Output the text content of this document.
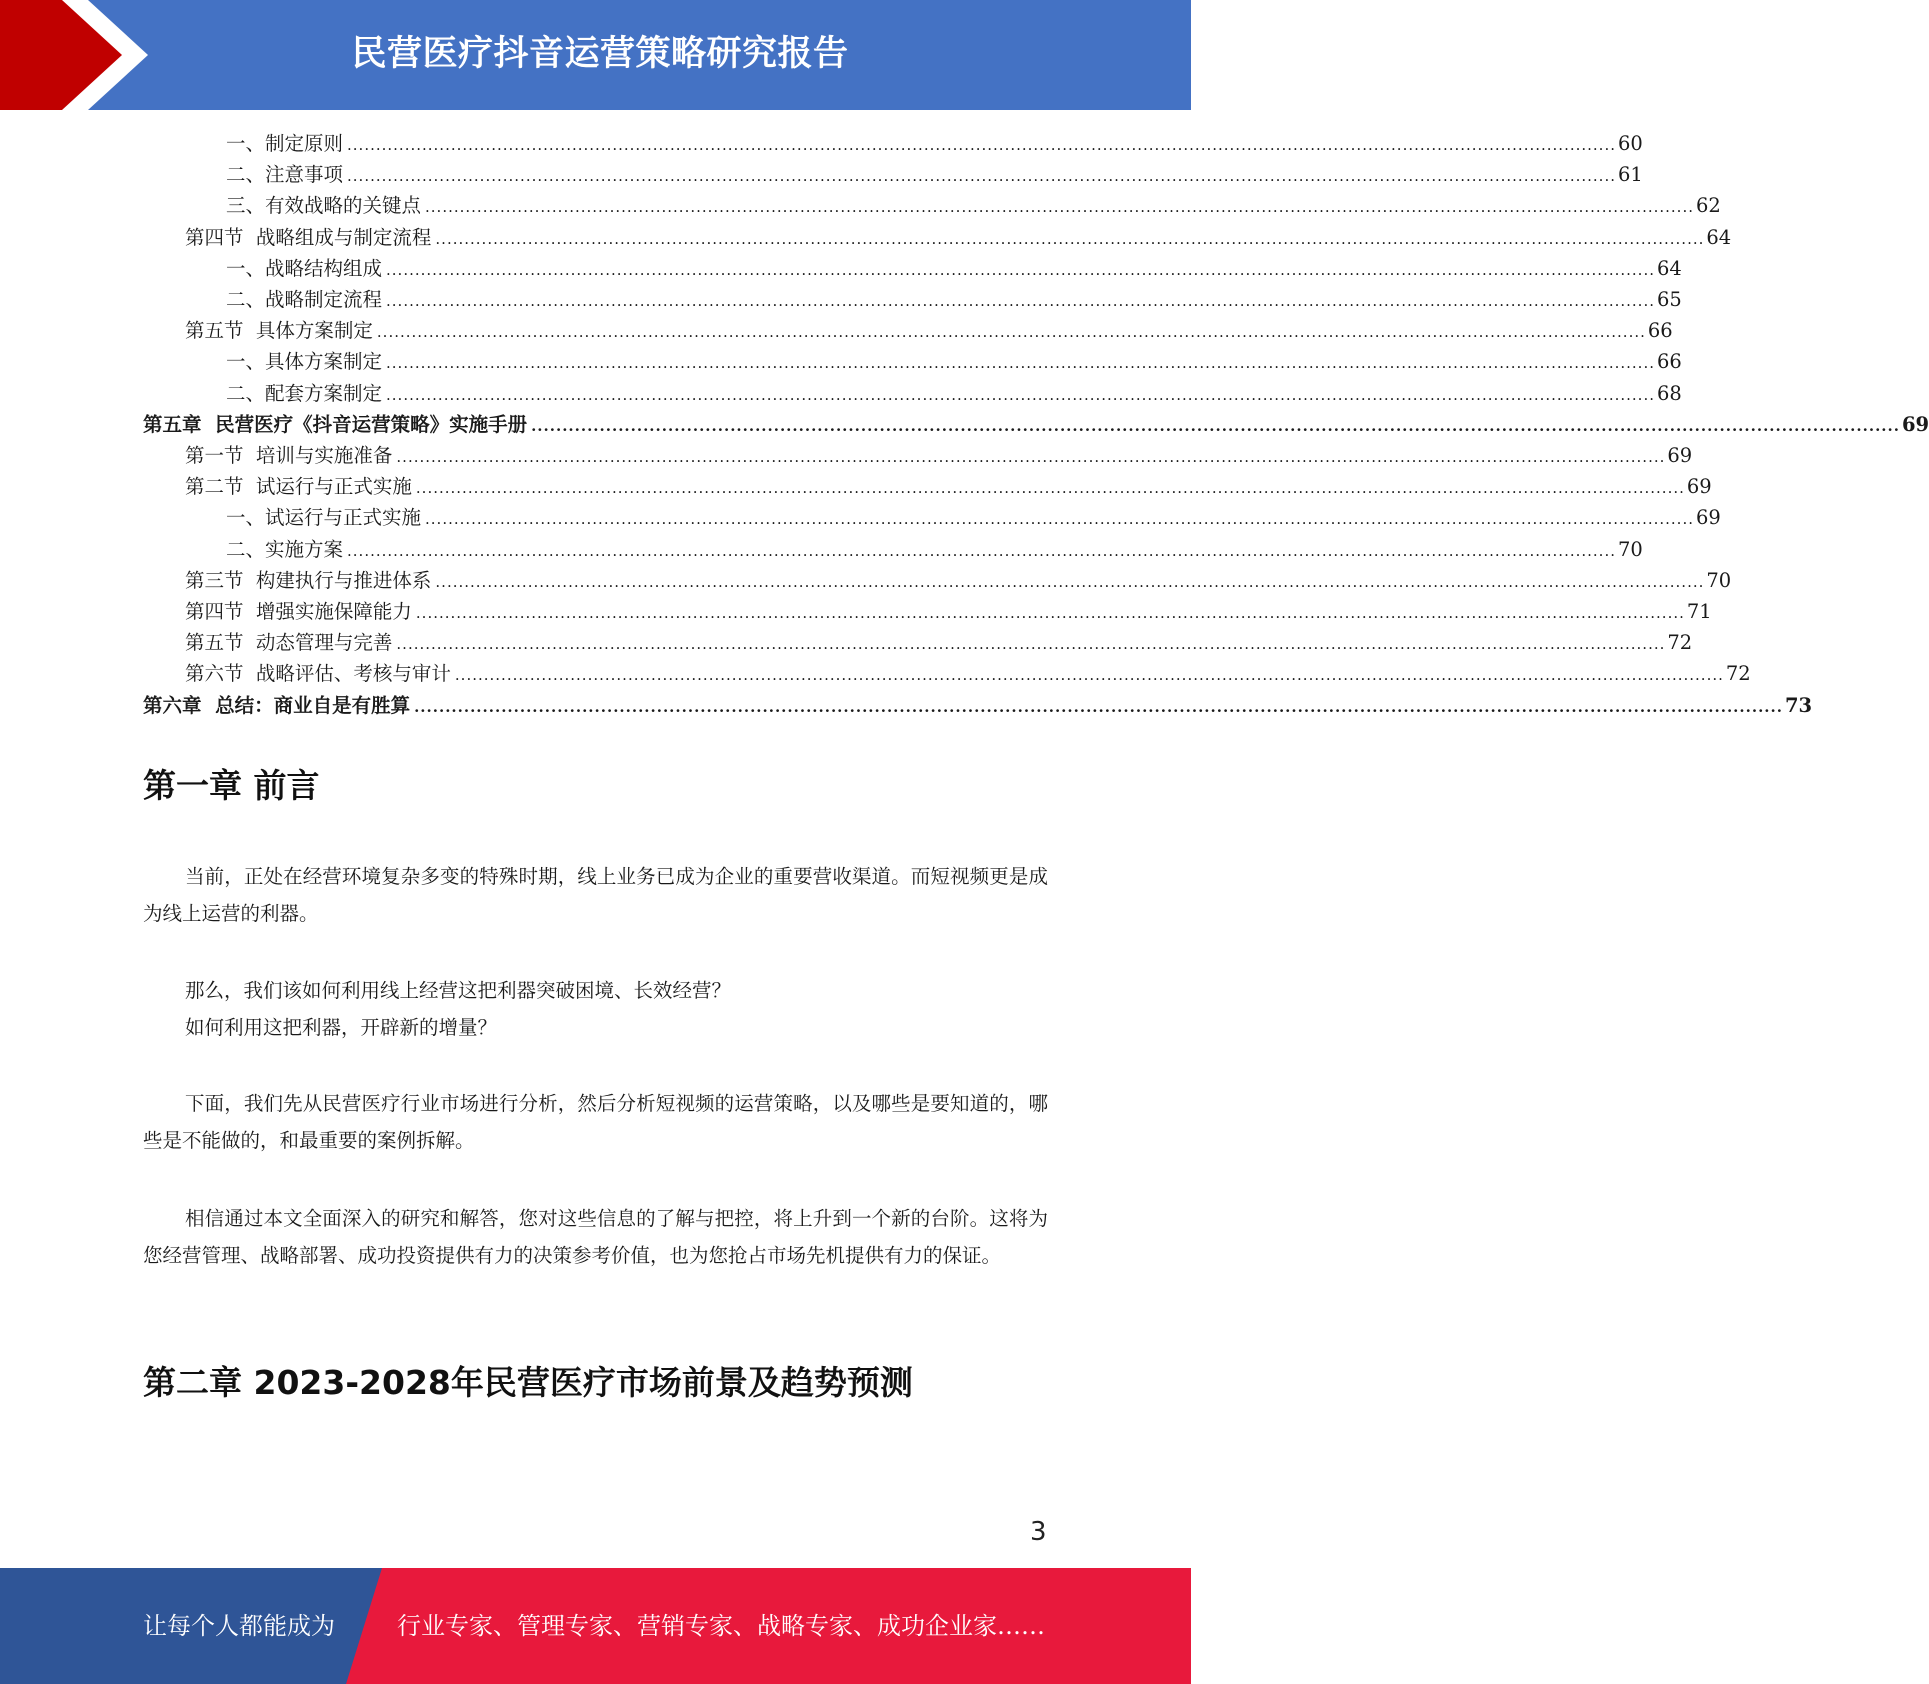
民营医疗抖音运营策略研究报告
一、制定原则 ............................................................................................................................................................................................................................ 60
二、注意事项 ............................................................................................................................................................................................................................ 61
三、有效战略的关键点 ............................................................................................................................................................................................................................ 62
第四节  战略组成与制定流程 ............................................................................................................................................................................................................................ 64
一、战略结构组成 ............................................................................................................................................................................................................................ 64
二、战略制定流程 ............................................................................................................................................................................................................................ 65
第五节  具体方案制定 ............................................................................................................................................................................................................................ 66
一、具体方案制定 ............................................................................................................................................................................................................................ 66
二、配套方案制定 ............................................................................................................................................................................................................................ 68
第五章  民营医疗《抖音运营策略》实施手册 ............................................................................................................................................................................................................................ 69
第一节  培训与实施准备 ............................................................................................................................................................................................................................ 69
第二节  试运行与正式实施 ............................................................................................................................................................................................................................ 69
一、试运行与正式实施 ............................................................................................................................................................................................................................ 69
二、实施方案 ............................................................................................................................................................................................................................ 70
第三节  构建执行与推进体系 ............................................................................................................................................................................................................................ 70
第四节  增强实施保障能力 ............................................................................................................................................................................................................................ 71
第五节  动态管理与完善 ............................................................................................................................................................................................................................ 72
第六节  战略评估、考核与审计 ............................................................................................................................................................................................................................ 72
第六章  总结：商业自是有胜算 ............................................................................................................................................................................................................................ 73
第一章 前言

当前，正处在经营环境复杂多变的特殊时期，线上业务已成为企业的重要营收渠道。而短视频更是成为线上运营的利器。

那么，我们该如何利用线上经营这把利器突破困境、长效经营？

如何利用这把利器，开辟新的增量？

下面，我们先从民营医疗行业市场进行分析，然后分析短视频的运营策略，以及哪些是要知道的，哪些是不能做的，和最重要的案例拆解。

相信通过本文全面深入的研究和解答，您对这些信息的了解与把控，将上升到一个新的台阶。这将为您经营管理、战略部署、成功投资提供有力的决策参考价值，也为您抢占市场先机提供有力的保证。

第二章 2023-2028年民营医疗市场前景及趋势预测
3
让每个人都能成为	行业专家、管理专家、营销专家、战略专家、成功企业家……
